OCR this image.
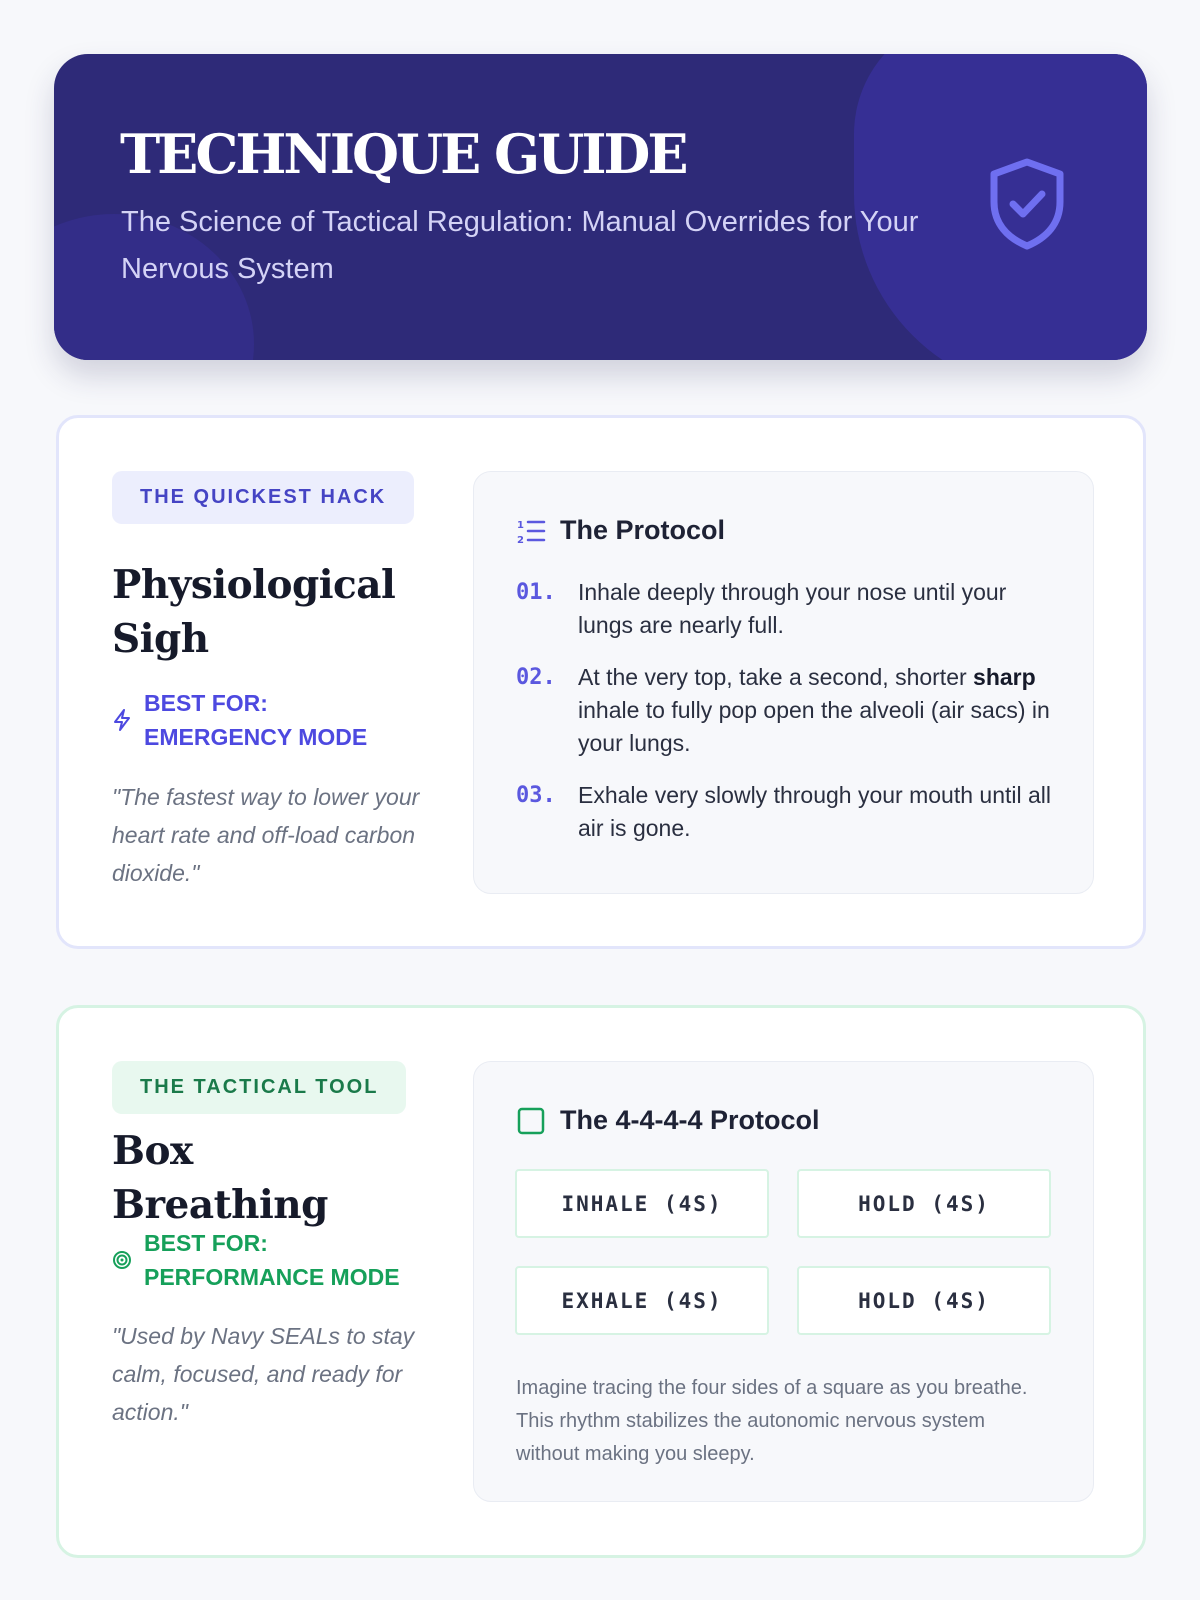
TECHNIQUE GUIDE
The Science of Tactical Regulation: Manual Overrides for Your Nervous System
THE QUICKEST HACK
Physiological Sigh
BEST FOR:
EMERGENCY MODE
"The fastest way to lower your heart rate and off-load carbon dioxide."
1
2 The Protocol
01. Inhale deeply through your nose until your lungs are nearly full.
02. At the very top, take a second, shorter sharp inhale to fully pop open the alveoli (air sacs) in your lungs.
03. Exhale very slowly through your mouth until all air is gone.
THE TACTICAL TOOL
Box Breathing
BEST FOR:
PERFORMANCE MODE
"Used by Navy SEALs to stay calm, focused, and ready for action."
The 4-4-4-4 Protocol
INHALE (4S)	HOLD (4S)
EXHALE (4S)	HOLD (4S)
Imagine tracing the four sides of a square as you breathe. This rhythm stabilizes the autonomic nervous system without making you sleepy.
